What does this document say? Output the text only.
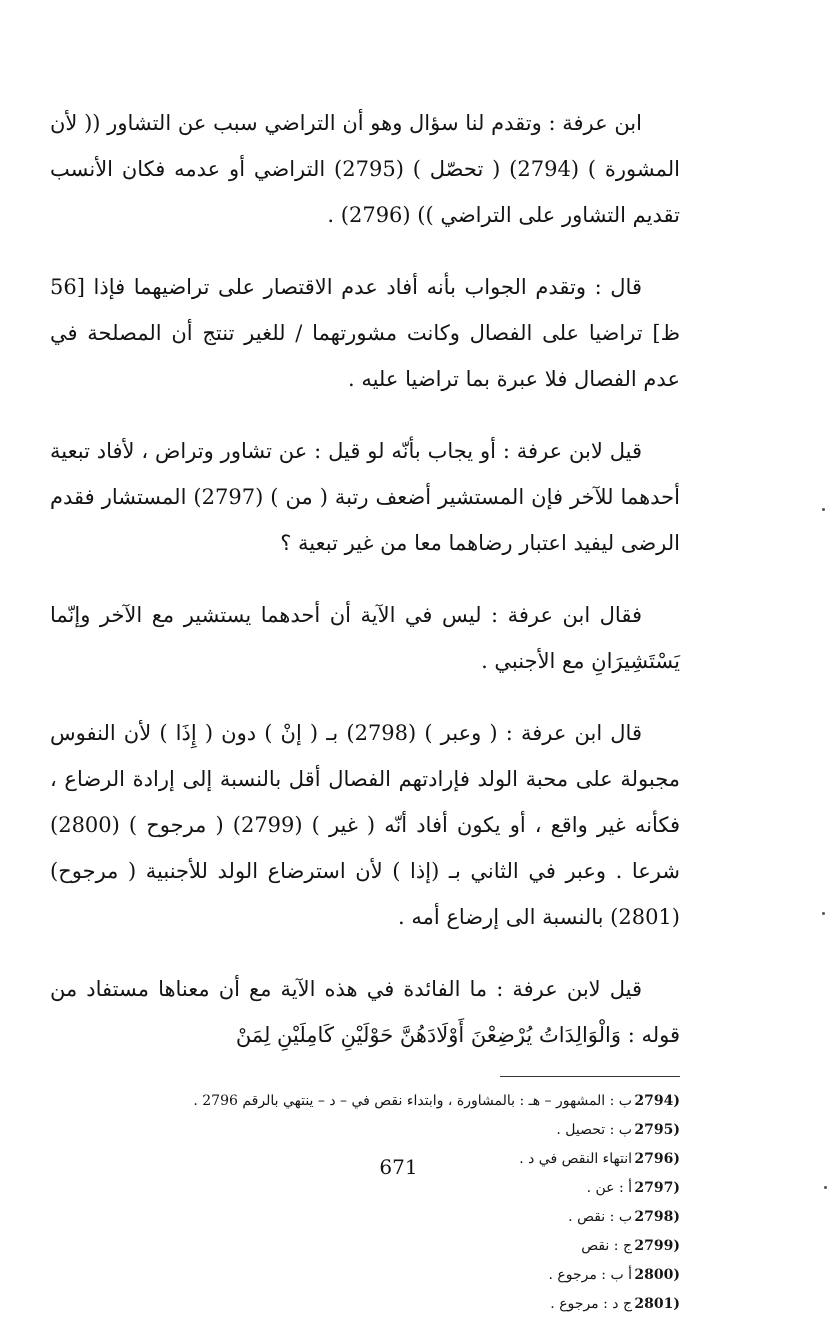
ابن عرفة : وتقدم لنا سؤال وهو أن التراضي سبب عن التشاور (( لأن المشورة ) (2794) ( تحصّل ) (2795) التراضي أو عدمه فكان الأنسب تقديم التشاور على التراضي )) (2796) .

قال : وتقدم الجواب بأنه أفاد عدم الاقتصار على تراضيهما فإذا [56 ظ] تراضيا على الفصال وكانت مشورتهما / للغير تنتج أن المصلحة في عدم الفصال فلا عبرة بما تراضيا عليه .

قيل لابن عرفة : أو يجاب بأنّه لو قيل : عن تشاور وتراض ، لأفاد تبعية أحدهما للآخر فإن المستشير أضعف رتبة ( من ) (2797) المستشار فقدم الرضى ليفيد اعتبار رضاهما معا من غير تبعية ؟

فقال ابن عرفة : ليس في الآية أن أحدهما يستشير مع الآخر وإنّما يَسْتَشِيرَانِ مع الأجنبي .

قال ابن عرفة : ( وعبر ) (2798) بـ ( إنْ ) دون ( إِذَا ) لأن النفوس مجبولة على محبة الولد فإرادتهم الفصال أقل بالنسبة إلى إرادة الرضاع ، فكأنه غير واقع ، أو يكون أفاد أنّه ( غير ) (2799) ( مرجوح ) (2800) شرعا . وعبر في الثاني بـ (إذا ) لأن استرضاع الولد للأجنبية ( مرجوح) (2801) بالنسبة الى إرضاع أمه .

قيل لابن عرفة : ما الفائدة في هذه الآية مع أن معناها مستفاد من قوله : وَالْوَالِدَاتُ يُرْضِعْنَ أَوْلَادَهُنَّ حَوْلَيْنِ كَامِلَيْنِ لِمَنْ

(2794ب : المشهور – هـ : بالمشاورة ، وابتداء نقص في – د – ينتهي بالرقم 2796 .
(2795ب : تحصيل .
(2796انتهاء النقص في د .
(2797أ : عن .
(2798ب : نقص .
(2799ج : نقص
(2800أ ب : مرجوع .
(2801ج د : مرجوع .
671
